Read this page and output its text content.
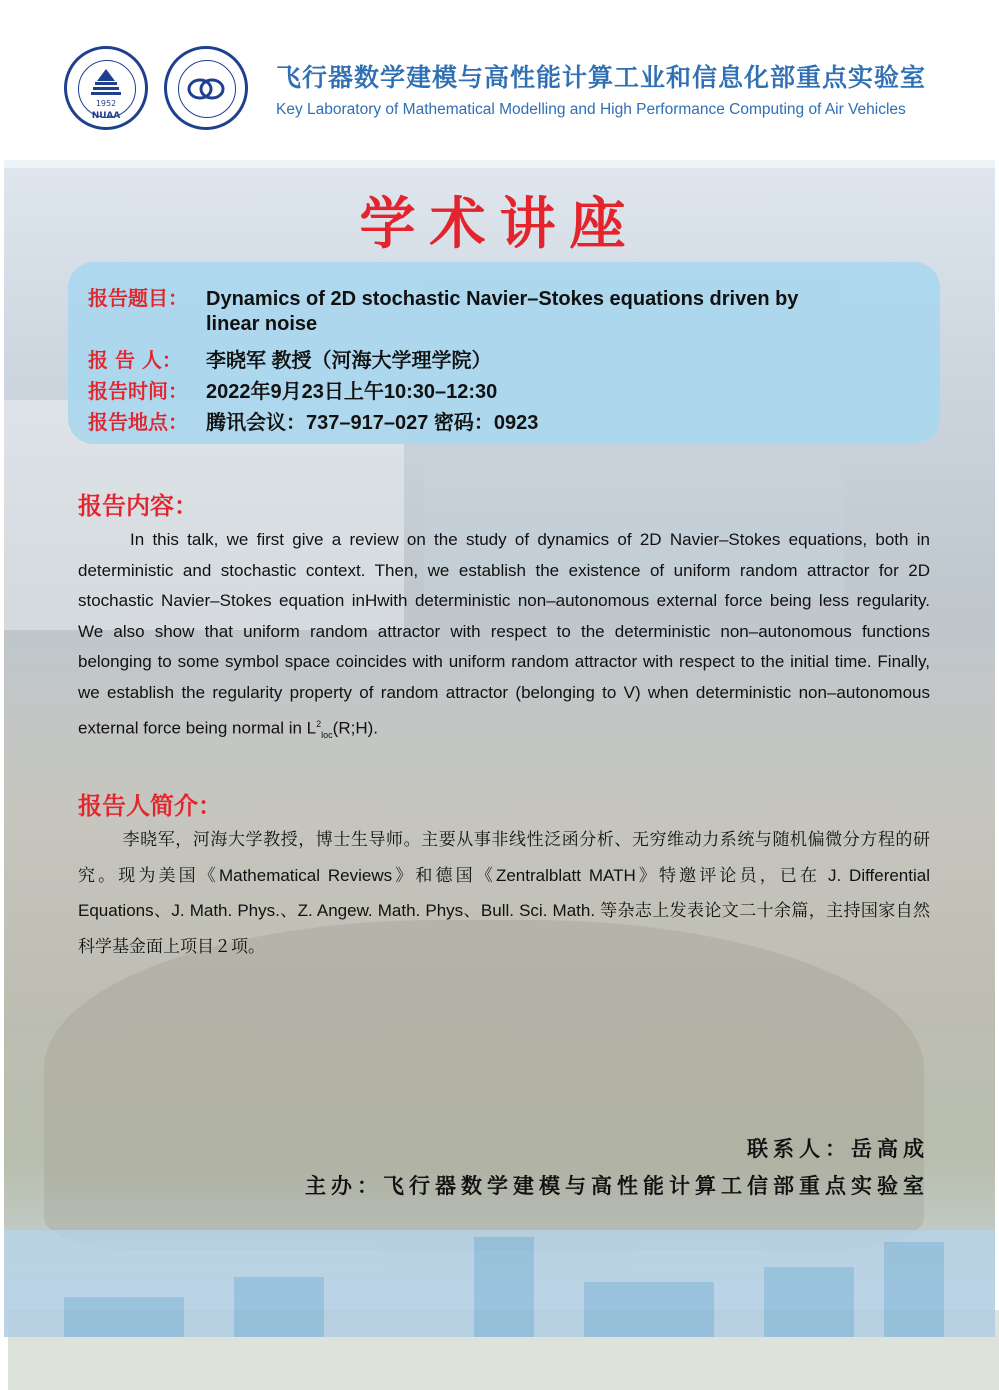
1952
NUAA
飞行器数学建模与高性能计算工业和信息化部重点实验室
Key Laboratory of Mathematical Modelling and High Performance Computing of Air Vehicles
学术讲座
报告题目： Dynamics of 2D stochastic Navier–Stokes equations driven by
linear noise
报 告 人： 李晓军 教授（河海大学理学院）
报告时间： 2022年9月23日上午10:30–12:30
报告地点： 腾讯会议：737–917–027 密码：0923
报告内容：
In this talk, we first give a review on the study of dynamics of 2D Navier–Stokes equations, both in deterministic and stochastic context. Then, we establish the existence of uniform random attractor for 2D stochastic Navier–Stokes equation inHwith deterministic non–autonomous external force being less regularity. We also show that uniform random attractor with respect to the deterministic non–autonomous functions belonging to some symbol space coincides with uniform random attractor with respect to the initial time. Finally, we establish the regularity property of random attractor (belonging to V) when deterministic non–autonomous external force being normal in $L^2_{loc}(R;H)$.
报告人简介：
李晓军，河海大学教授，博士生导师。主要从事非线性泛函分析、无穷维动力系统与随机偏微分方程的研究。现为美国《Mathematical Reviews》和德国《Zentralblatt MATH》特邀评论员，已在 J. Differential Equations、J. Math. Phys.、Z. Angew. Math. Phys、Bull. Sci. Math. 等杂志上发表论文二十余篇，主持国家自然科学基金面上项目２项。
联系人：岳高成
主办：飞行器数学建模与高性能计算工信部重点实验室
